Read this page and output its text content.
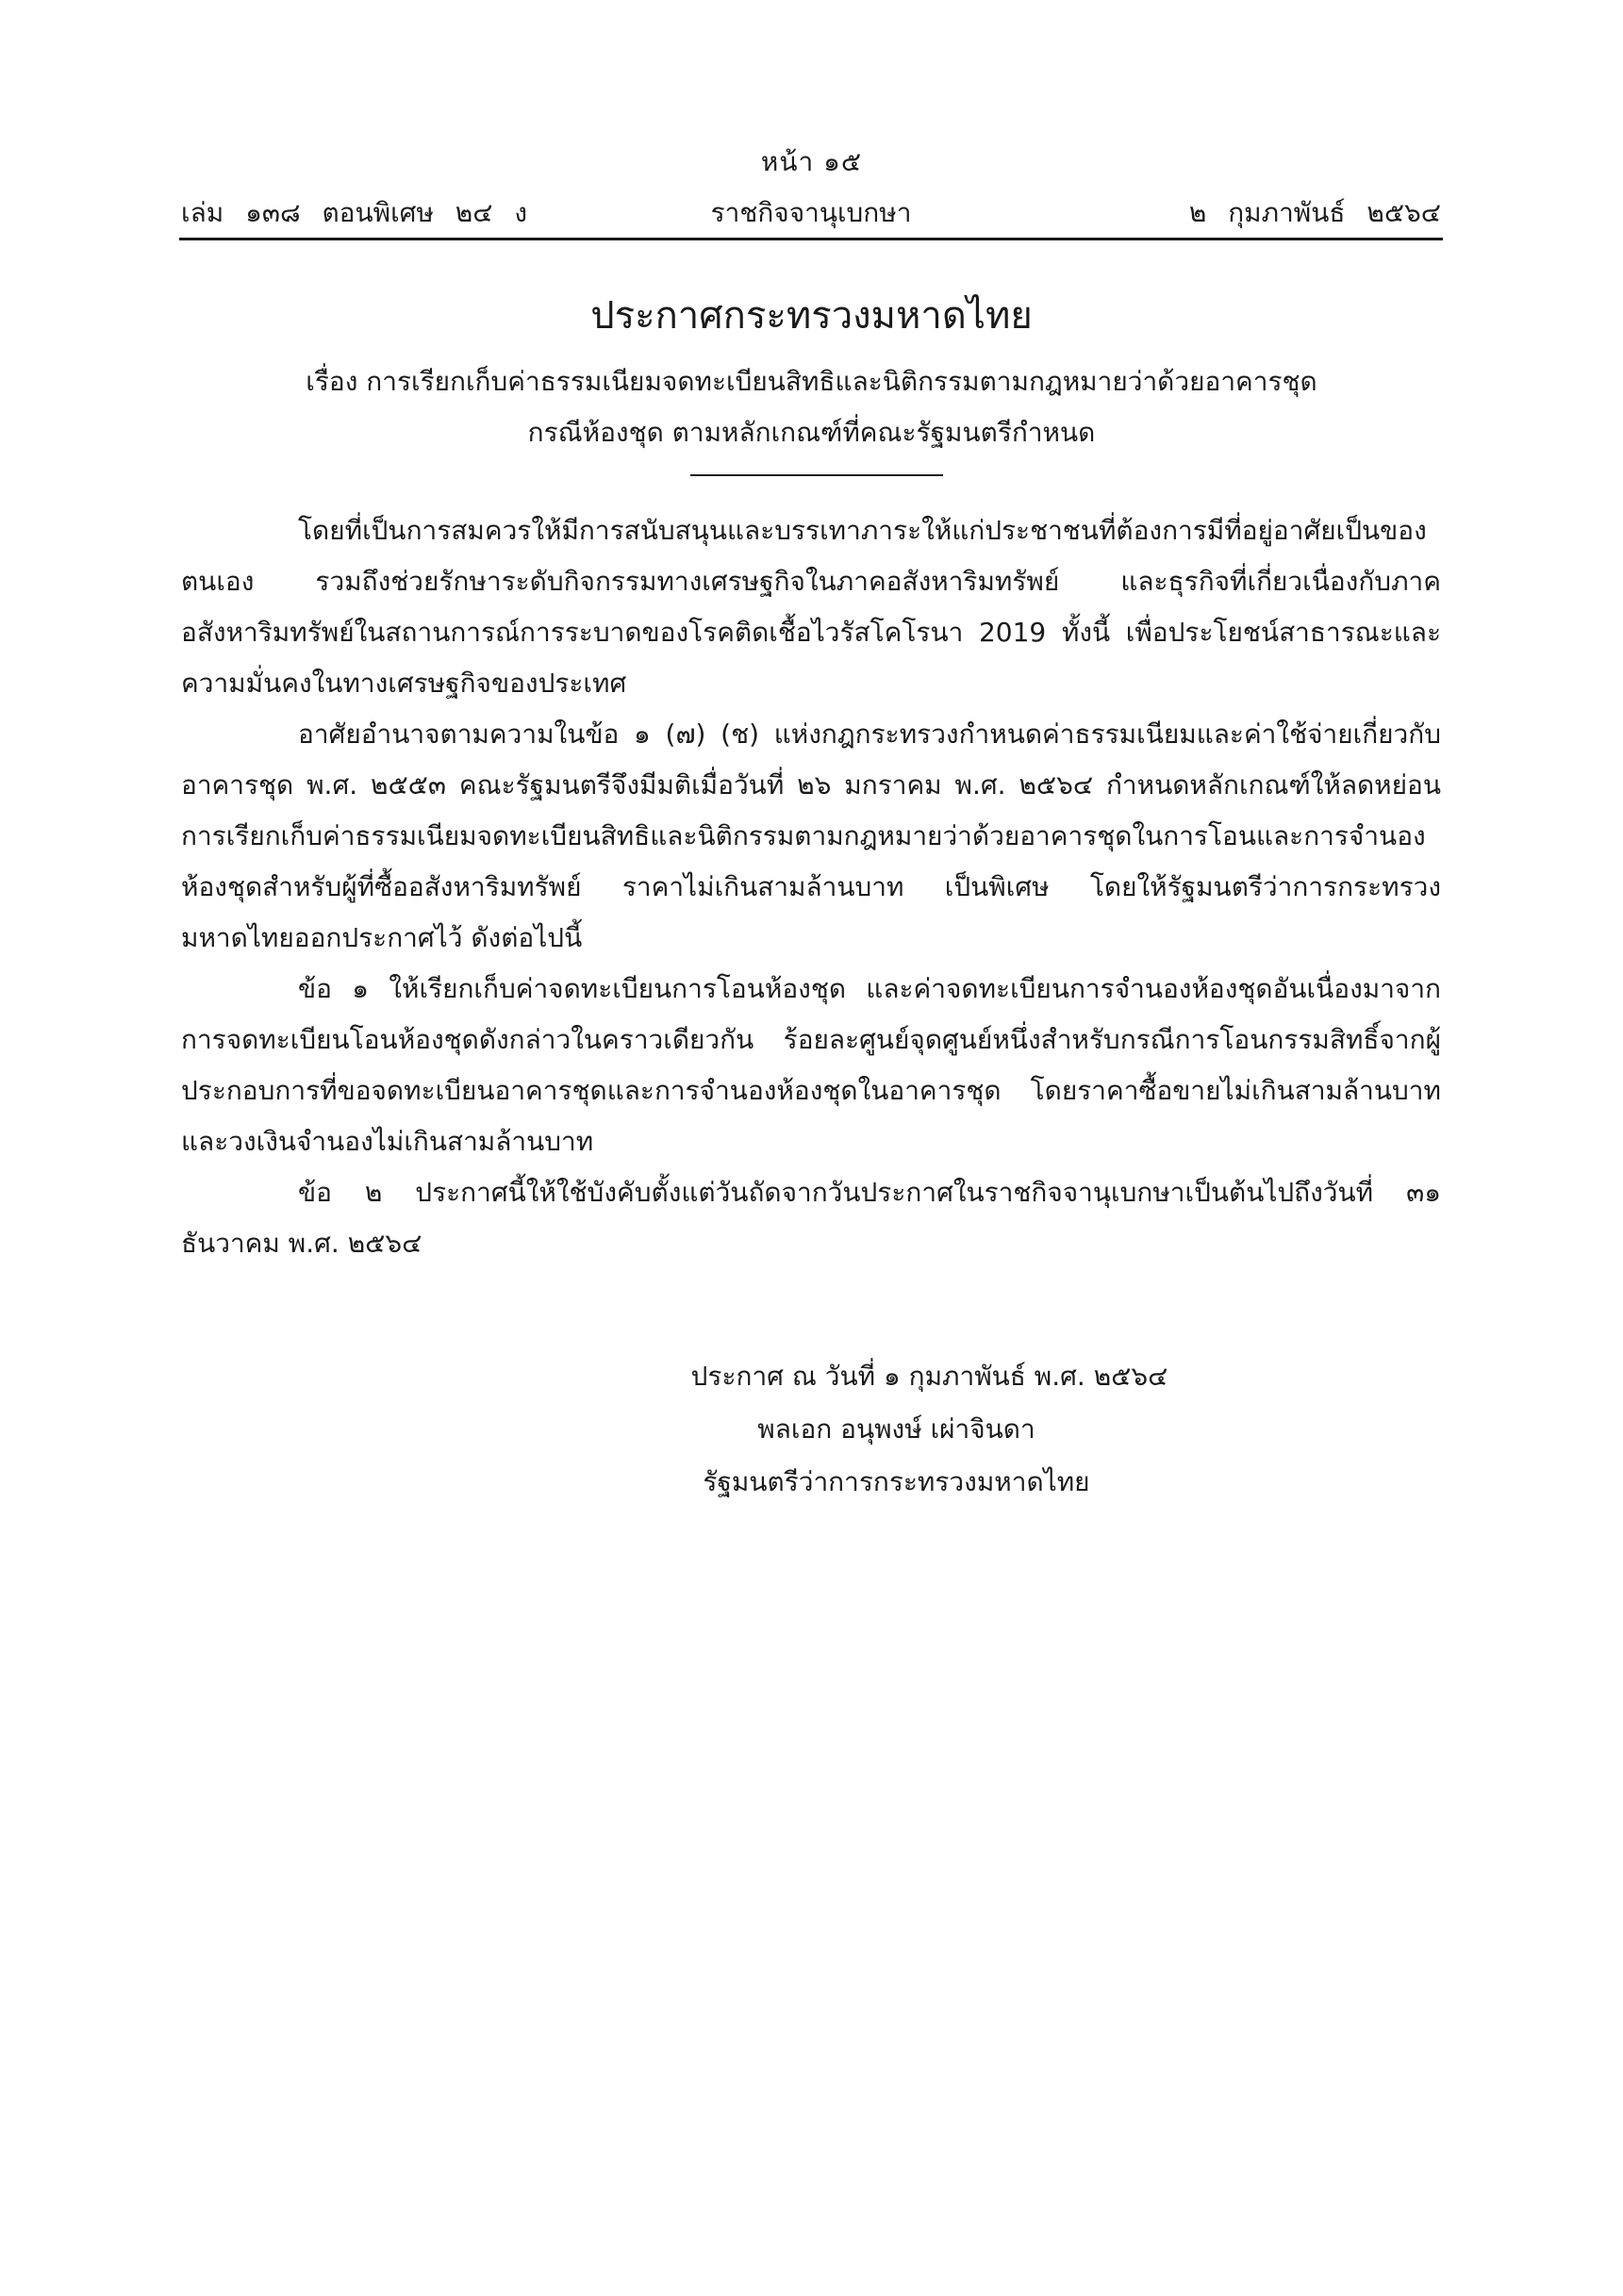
หน้า ๑๕
เล่ม ๑๓๘ ตอนพิเศษ ๒๔ ง	ราชกิจจานุเบกษา	๒ กุมภาพันธ์ ๒๕๖๔
ประกาศกระทรวงมหาดไทย
เรื่อง การเรียกเก็บค่าธรรมเนียมจดทะเบียนสิทธิและนิติกรรมตามกฎหมายว่าด้วยอาคารชุด
กรณีห้องชุด ตามหลักเกณฑ์ที่คณะรัฐมนตรีกำหนด

โดยที่เป็นการสมควรให้มีการสนับสนุนและบรรเทาภาระให้แก่ประชาชนที่ต้องการมีที่อยู่อาศัยเป็นของตนเอง รวมถึงช่วยรักษาระดับกิจกรรมทางเศรษฐกิจในภาคอสังหาริมทรัพย์ และธุรกิจที่เกี่ยวเนื่องกับภาคอสังหาริมทรัพย์ในสถานการณ์การระบาดของโรคติดเชื้อไวรัสโคโรนา 2019 ทั้งนี้ เพื่อประโยชน์สาธารณะและความมั่นคงในทางเศรษฐกิจของประเทศ

อาศัยอำนาจตามความในข้อ ๑ (๗) (ช) แห่งกฎกระทรวงกำหนดค่าธรรมเนียมและค่าใช้จ่ายเกี่ยวกับอาคารชุด พ.ศ. ๒๕๕๓ คณะรัฐมนตรีจึงมีมติเมื่อวันที่ ๒๖ มกราคม พ.ศ. ๒๕๖๔ กำหนดหลักเกณฑ์ให้ลดหย่อนการเรียกเก็บค่าธรรมเนียมจดทะเบียนสิทธิและนิติกรรมตามกฎหมายว่าด้วยอาคารชุดในการโอนและการจำนองห้องชุดสำหรับผู้ที่ซื้ออสังหาริมทรัพย์ ราคาไม่เกินสามล้านบาท เป็นพิเศษ โดยให้รัฐมนตรีว่าการกระทรวงมหาดไทยออกประกาศไว้ ดังต่อไปนี้

ข้อ ๑ ให้เรียกเก็บค่าจดทะเบียนการโอนห้องชุด และค่าจดทะเบียนการจำนองห้องชุดอันเนื่องมาจากการจดทะเบียนโอนห้องชุดดังกล่าวในคราวเดียวกัน ร้อยละศูนย์จุดศูนย์หนึ่งสำหรับกรณีการโอนกรรมสิทธิ์จากผู้ประกอบการที่ขอจดทะเบียนอาคารชุดและการจำนองห้องชุดในอาคารชุด โดยราคาซื้อขายไม่เกินสามล้านบาท และวงเงินจำนองไม่เกินสามล้านบาท

ข้อ ๒ ประกาศนี้ให้ใช้บังคับตั้งแต่วันถัดจากวันประกาศในราชกิจจานุเบกษาเป็นต้นไปถึงวันที่ ๓๑ ธันวาคม พ.ศ. ๒๕๖๔

ประกาศ ณ วันที่ ๑ กุมภาพันธ์ พ.ศ. ๒๕๖๔
พลเอก อนุพงษ์ เผ่าจินดา
รัฐมนตรีว่าการกระทรวงมหาดไทย
